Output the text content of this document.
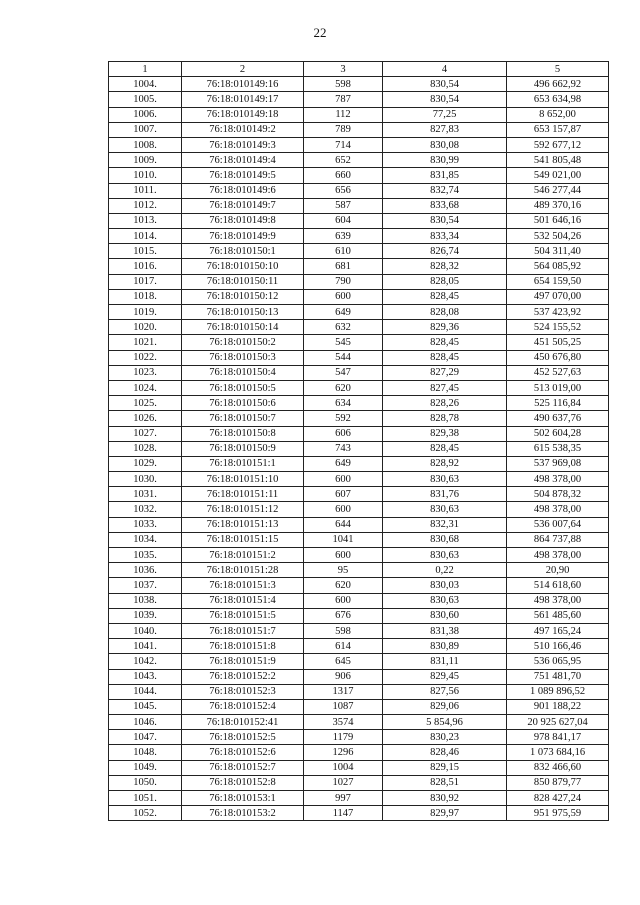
22
1	2	3	4	5
1004.	76:18:010149:16	598	830,54	496 662,92
1005.	76:18:010149:17	787	830,54	653 634,98
1006.	76:18:010149:18	112	77,25	8 652,00
1007.	76:18:010149:2	789	827,83	653 157,87
1008.	76:18:010149:3	714	830,08	592 677,12
1009.	76:18:010149:4	652	830,99	541 805,48
1010.	76:18:010149:5	660	831,85	549 021,00
1011.	76:18:010149:6	656	832,74	546 277,44
1012.	76:18:010149:7	587	833,68	489 370,16
1013.	76:18:010149:8	604	830,54	501 646,16
1014.	76:18:010149:9	639	833,34	532 504,26
1015.	76:18:010150:1	610	826,74	504 311,40
1016.	76:18:010150:10	681	828,32	564 085,92
1017.	76:18:010150:11	790	828,05	654 159,50
1018.	76:18:010150:12	600	828,45	497 070,00
1019.	76:18:010150:13	649	828,08	537 423,92
1020.	76:18:010150:14	632	829,36	524 155,52
1021.	76:18:010150:2	545	828,45	451 505,25
1022.	76:18:010150:3	544	828,45	450 676,80
1023.	76:18:010150:4	547	827,29	452 527,63
1024.	76:18:010150:5	620	827,45	513 019,00
1025.	76:18:010150:6	634	828,26	525 116,84
1026.	76:18:010150:7	592	828,78	490 637,76
1027.	76:18:010150:8	606	829,38	502 604,28
1028.	76:18:010150:9	743	828,45	615 538,35
1029.	76:18:010151:1	649	828,92	537 969,08
1030.	76:18:010151:10	600	830,63	498 378,00
1031.	76:18:010151:11	607	831,76	504 878,32
1032.	76:18:010151:12	600	830,63	498 378,00
1033.	76:18:010151:13	644	832,31	536 007,64
1034.	76:18:010151:15	1041	830,68	864 737,88
1035.	76:18:010151:2	600	830,63	498 378,00
1036.	76:18:010151:28	95	0,22	20,90
1037.	76:18:010151:3	620	830,03	514 618,60
1038.	76:18:010151:4	600	830,63	498 378,00
1039.	76:18:010151:5	676	830,60	561 485,60
1040.	76:18:010151:7	598	831,38	497 165,24
1041.	76:18:010151:8	614	830,89	510 166,46
1042.	76:18:010151:9	645	831,11	536 065,95
1043.	76:18:010152:2	906	829,45	751 481,70
1044.	76:18:010152:3	1317	827,56	1 089 896,52
1045.	76:18:010152:4	1087	829,06	901 188,22
1046.	76:18:010152:41	3574	5 854,96	20 925 627,04
1047.	76:18:010152:5	1179	830,23	978 841,17
1048.	76:18:010152:6	1296	828,46	1 073 684,16
1049.	76:18:010152:7	1004	829,15	832 466,60
1050.	76:18:010152:8	1027	828,51	850 879,77
1051.	76:18:010153:1	997	830,92	828 427,24
1052.	76:18:010153:2	1147	829,97	951 975,59
